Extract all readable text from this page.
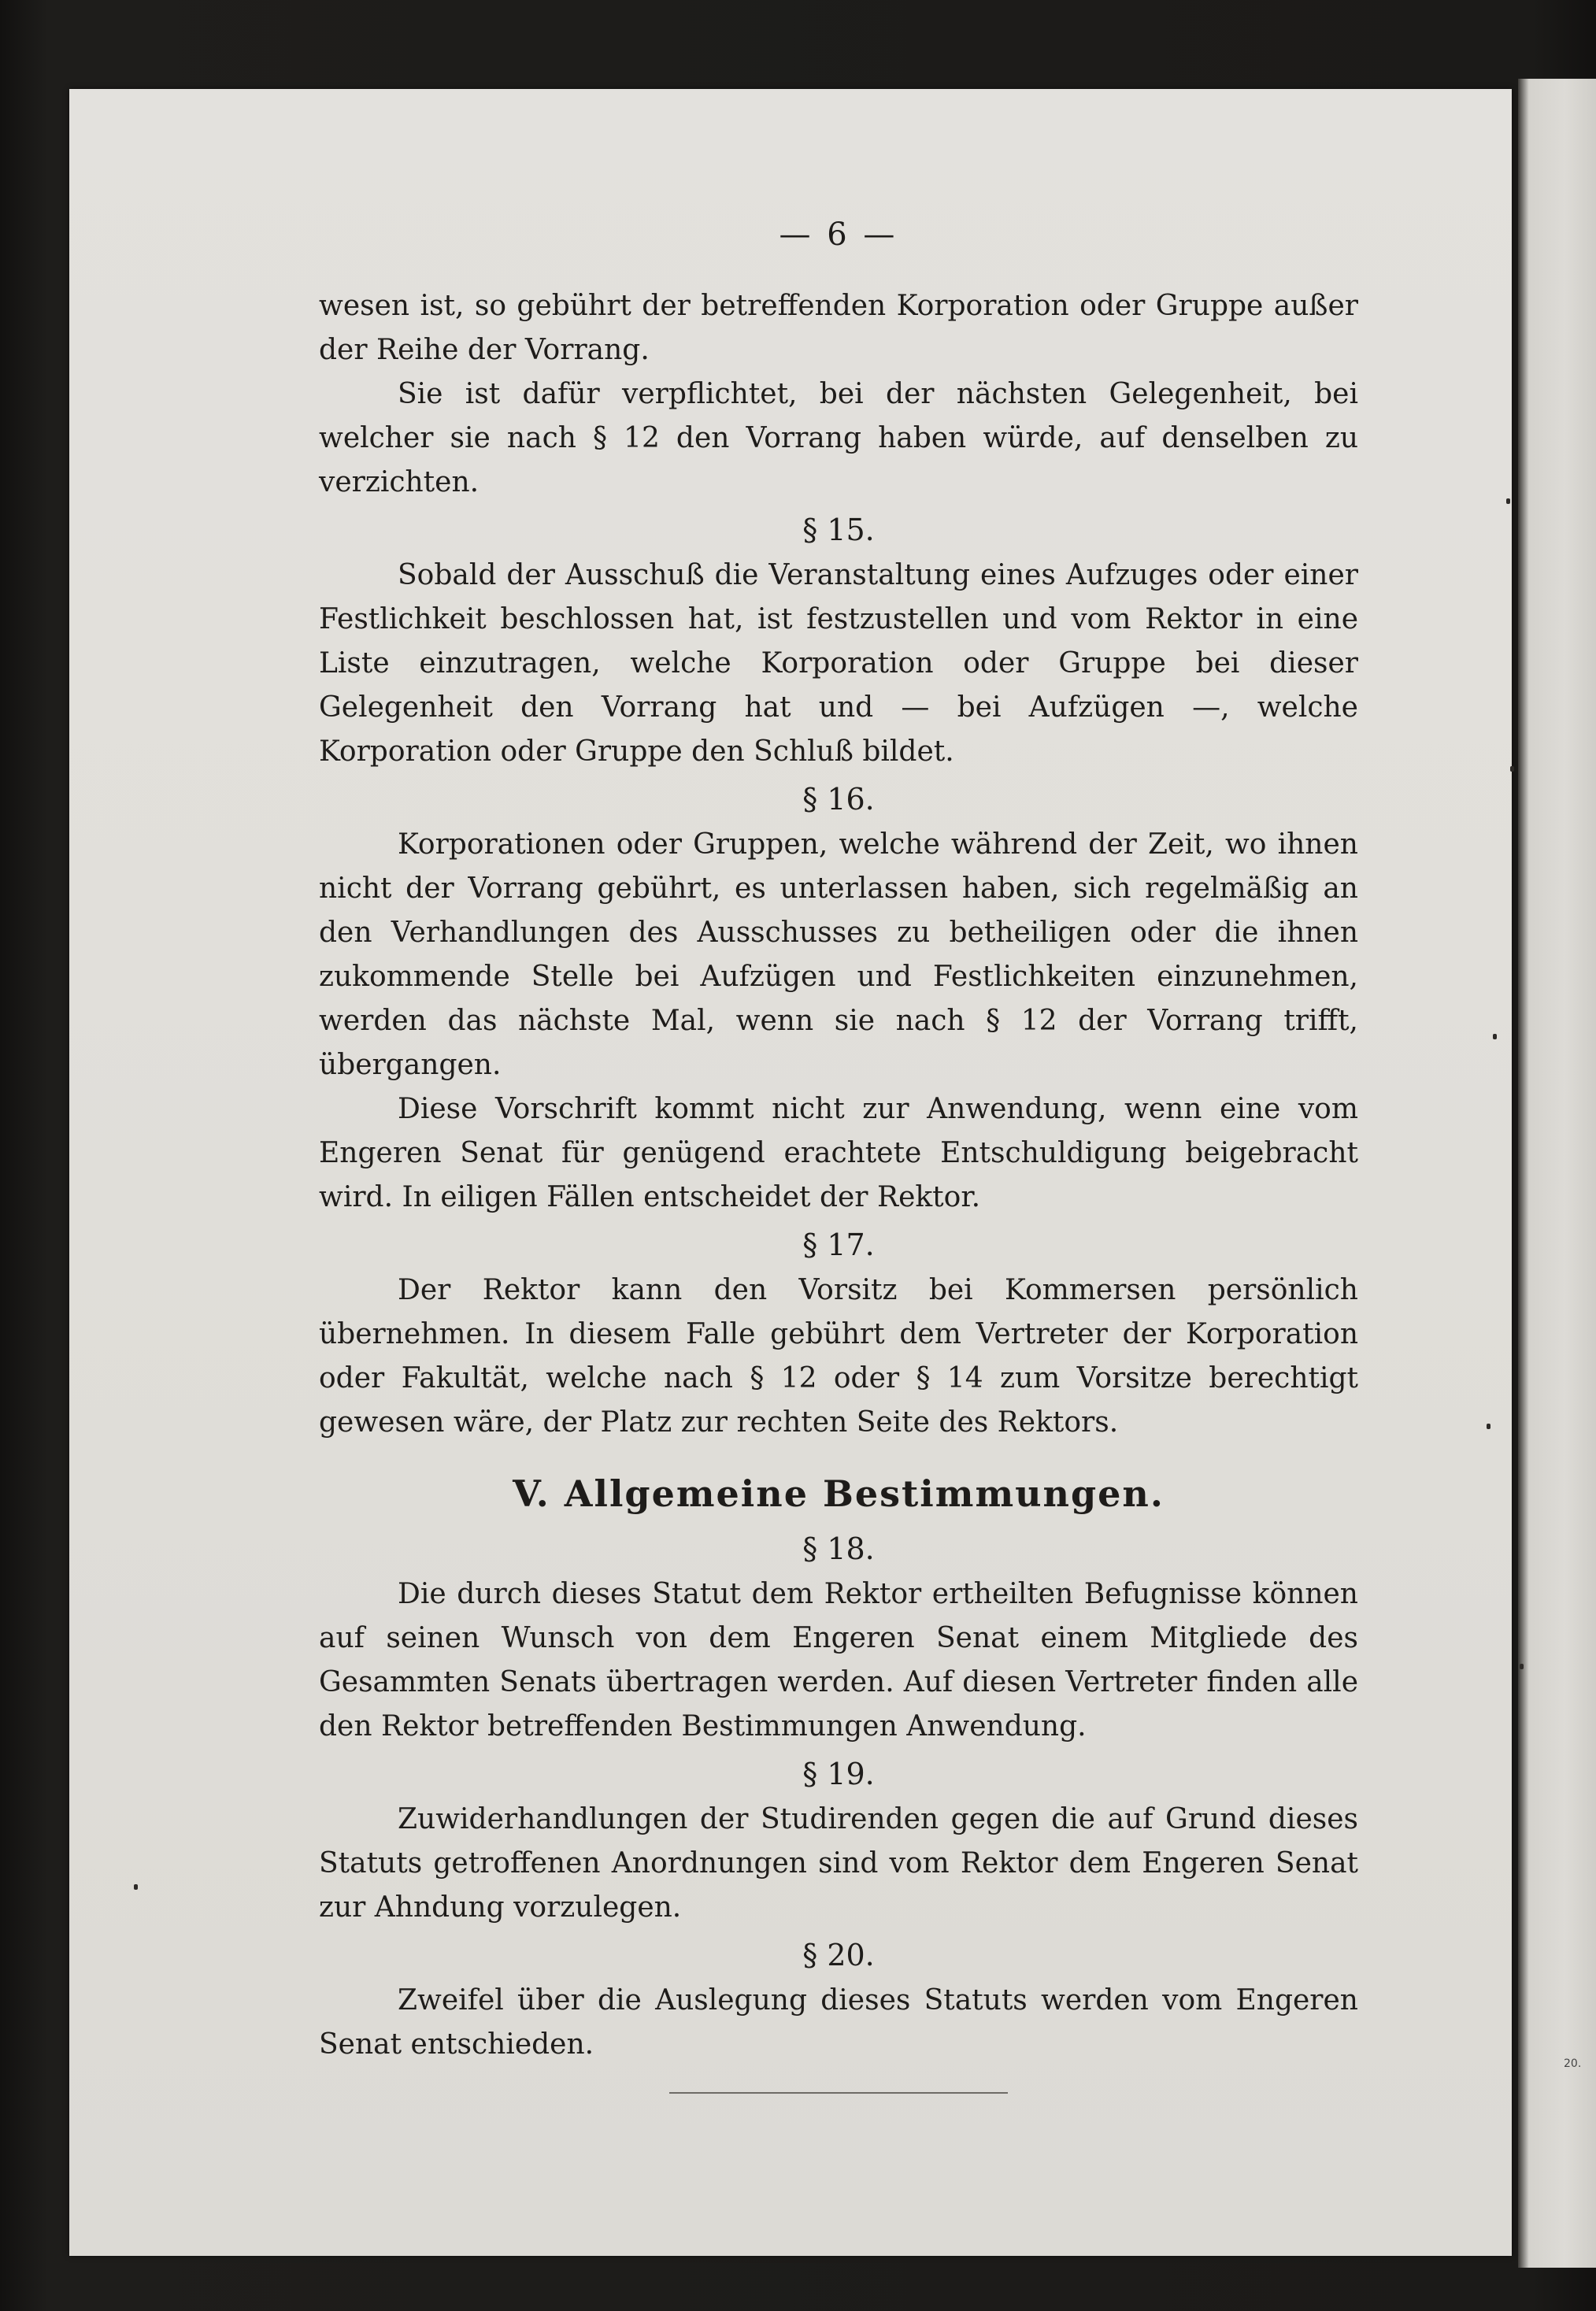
20.
— 6 —

wesen ist, so gebührt der betreffenden Korporation oder Gruppe außer der Reihe der Vorrang.

Sie ist dafür verpflichtet, bei der nächsten Gelegenheit, bei welcher sie nach § 12 den Vorrang haben würde, auf denselben zu verzichten.

§ 15.

Sobald der Ausschuß die Veranstaltung eines Aufzuges oder einer Festlichkeit beschlossen hat, ist festzustellen und vom Rektor in eine Liste einzutragen, welche Korporation oder Gruppe bei dieser Gelegenheit den Vorrang hat und — bei Aufzügen —, welche Korporation oder Gruppe den Schluß bildet.

§ 16.

Korporationen oder Gruppen, welche während der Zeit, wo ihnen nicht der Vorrang gebührt, es unterlassen haben, sich regelmäßig an den Verhandlungen des Ausschusses zu betheiligen oder die ihnen zukommende Stelle bei Aufzügen und Festlichkeiten einzunehmen, werden das nächste Mal, wenn sie nach § 12 der Vorrang trifft, übergangen.

Diese Vorschrift kommt nicht zur Anwendung, wenn eine vom Engeren Senat für genügend erachtete Entschuldigung beigebracht wird. In eiligen Fällen entscheidet der Rektor.

§ 17.

Der Rektor kann den Vorsitz bei Kommersen persönlich übernehmen. In diesem Falle gebührt dem Vertreter der Korporation oder Fakultät, welche nach § 12 oder § 14 zum Vorsitze berechtigt gewesen wäre, der Platz zur rechten Seite des Rektors.

V. Allgemeine Bestimmungen.
§ 18.

Die durch dieses Statut dem Rektor ertheilten Befugnisse können auf seinen Wunsch von dem Engeren Senat einem Mitgliede des Gesammten Senats übertragen werden. Auf diesen Vertreter finden alle den Rektor betreffenden Bestimmungen Anwendung.

§ 19.

Zuwiderhandlungen der Studirenden gegen die auf Grund dieses Statuts getroffenen Anordnungen sind vom Rektor dem Engeren Senat zur Ahndung vorzulegen.

§ 20.

Zweifel über die Auslegung dieses Statuts werden vom Engeren Senat entschieden.
